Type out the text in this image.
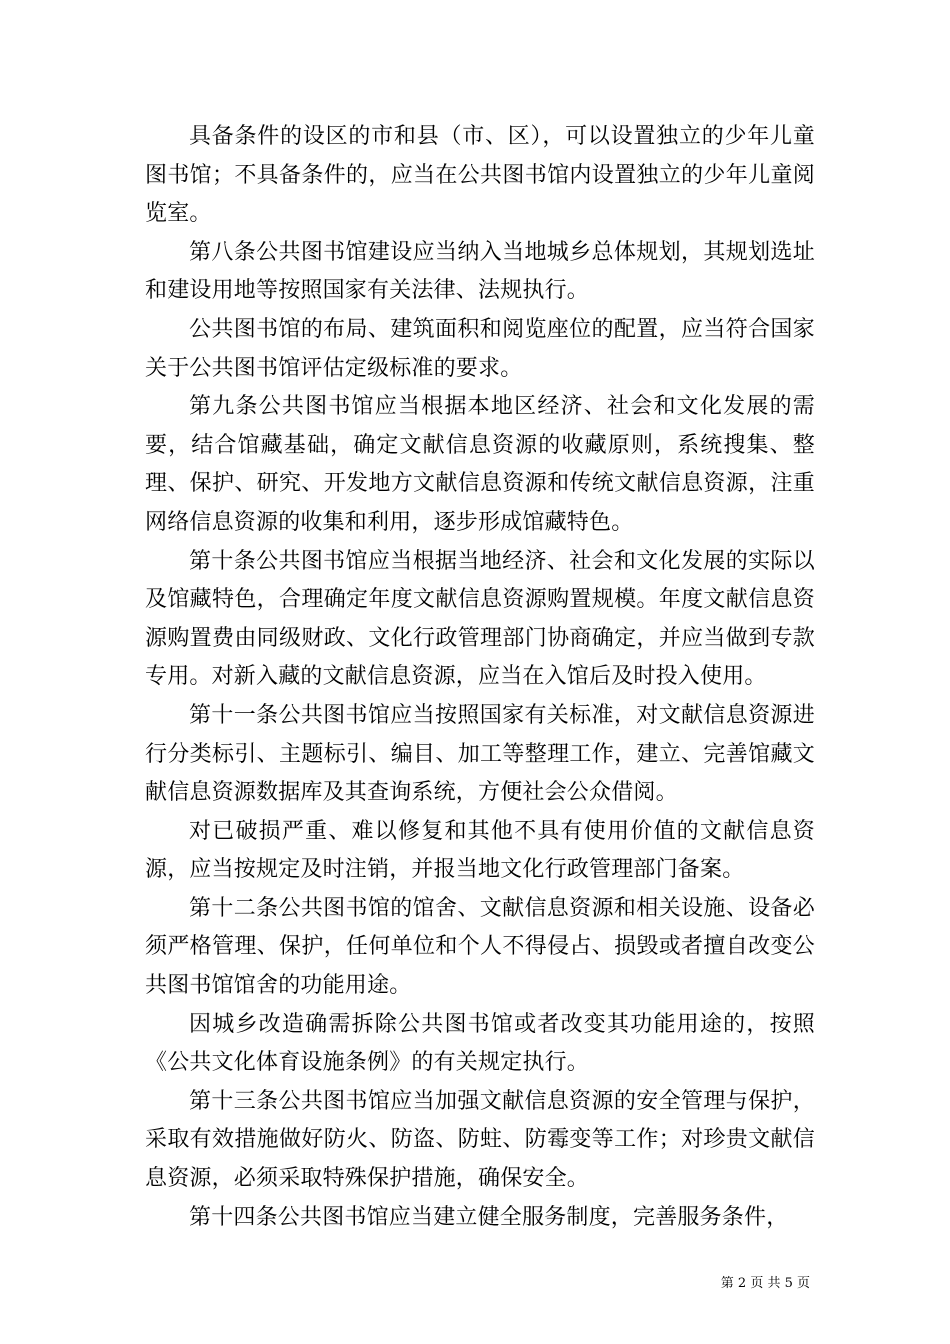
具备条件的设区的市和县（市、区），可以设置独立的少年儿童图书馆；不具备条件的，应当在公共图书馆内设置独立的少年儿童阅览室。

第八条公共图书馆建设应当纳入当地城乡总体规划，其规划选址和建设用地等按照国家有关法律、法规执行。

公共图书馆的布局、建筑面积和阅览座位的配置，应当符合国家关于公共图书馆评估定级标准的要求。

第九条公共图书馆应当根据本地区经济、社会和文化发展的需要，结合馆藏基础，确定文献信息资源的收藏原则，系统搜集、整理、保护、研究、开发地方文献信息资源和传统文献信息资源，注重网络信息资源的收集和利用，逐步形成馆藏特色。

第十条公共图书馆应当根据当地经济、社会和文化发展的实际以及馆藏特色，合理确定年度文献信息资源购置规模。年度文献信息资源购置费由同级财政、文化行政管理部门协商确定，并应当做到专款专用。对新入藏的文献信息资源，应当在入馆后及时投入使用。

第十一条公共图书馆应当按照国家有关标准，对文献信息资源进行分类标引、主题标引、编目、加工等整理工作，建立、完善馆藏文献信息资源数据库及其查询系统，方便社会公众借阅。

对已破损严重、难以修复和其他不具有使用价值的文献信息资源，应当按规定及时注销，并报当地文化行政管理部门备案。

第十二条公共图书馆的馆舍、文献信息资源和相关设施、设备必须严格管理、保护，任何单位和个人不得侵占、损毁或者擅自改变公共图书馆馆舍的功能用途。

因城乡改造确需拆除公共图书馆或者改变其功能用途的，按照《公共文化体育设施条例》的有关规定执行。

第十三条公共图书馆应当加强文献信息资源的安全管理与保护，采取有效措施做好防火、防盗、防蛀、防霉变等工作；对珍贵文献信息资源，必须采取特殊保护措施，确保安全。

第十四条公共图书馆应当建立健全服务制度，完善服务条件，

第 2 页 共 5 页
